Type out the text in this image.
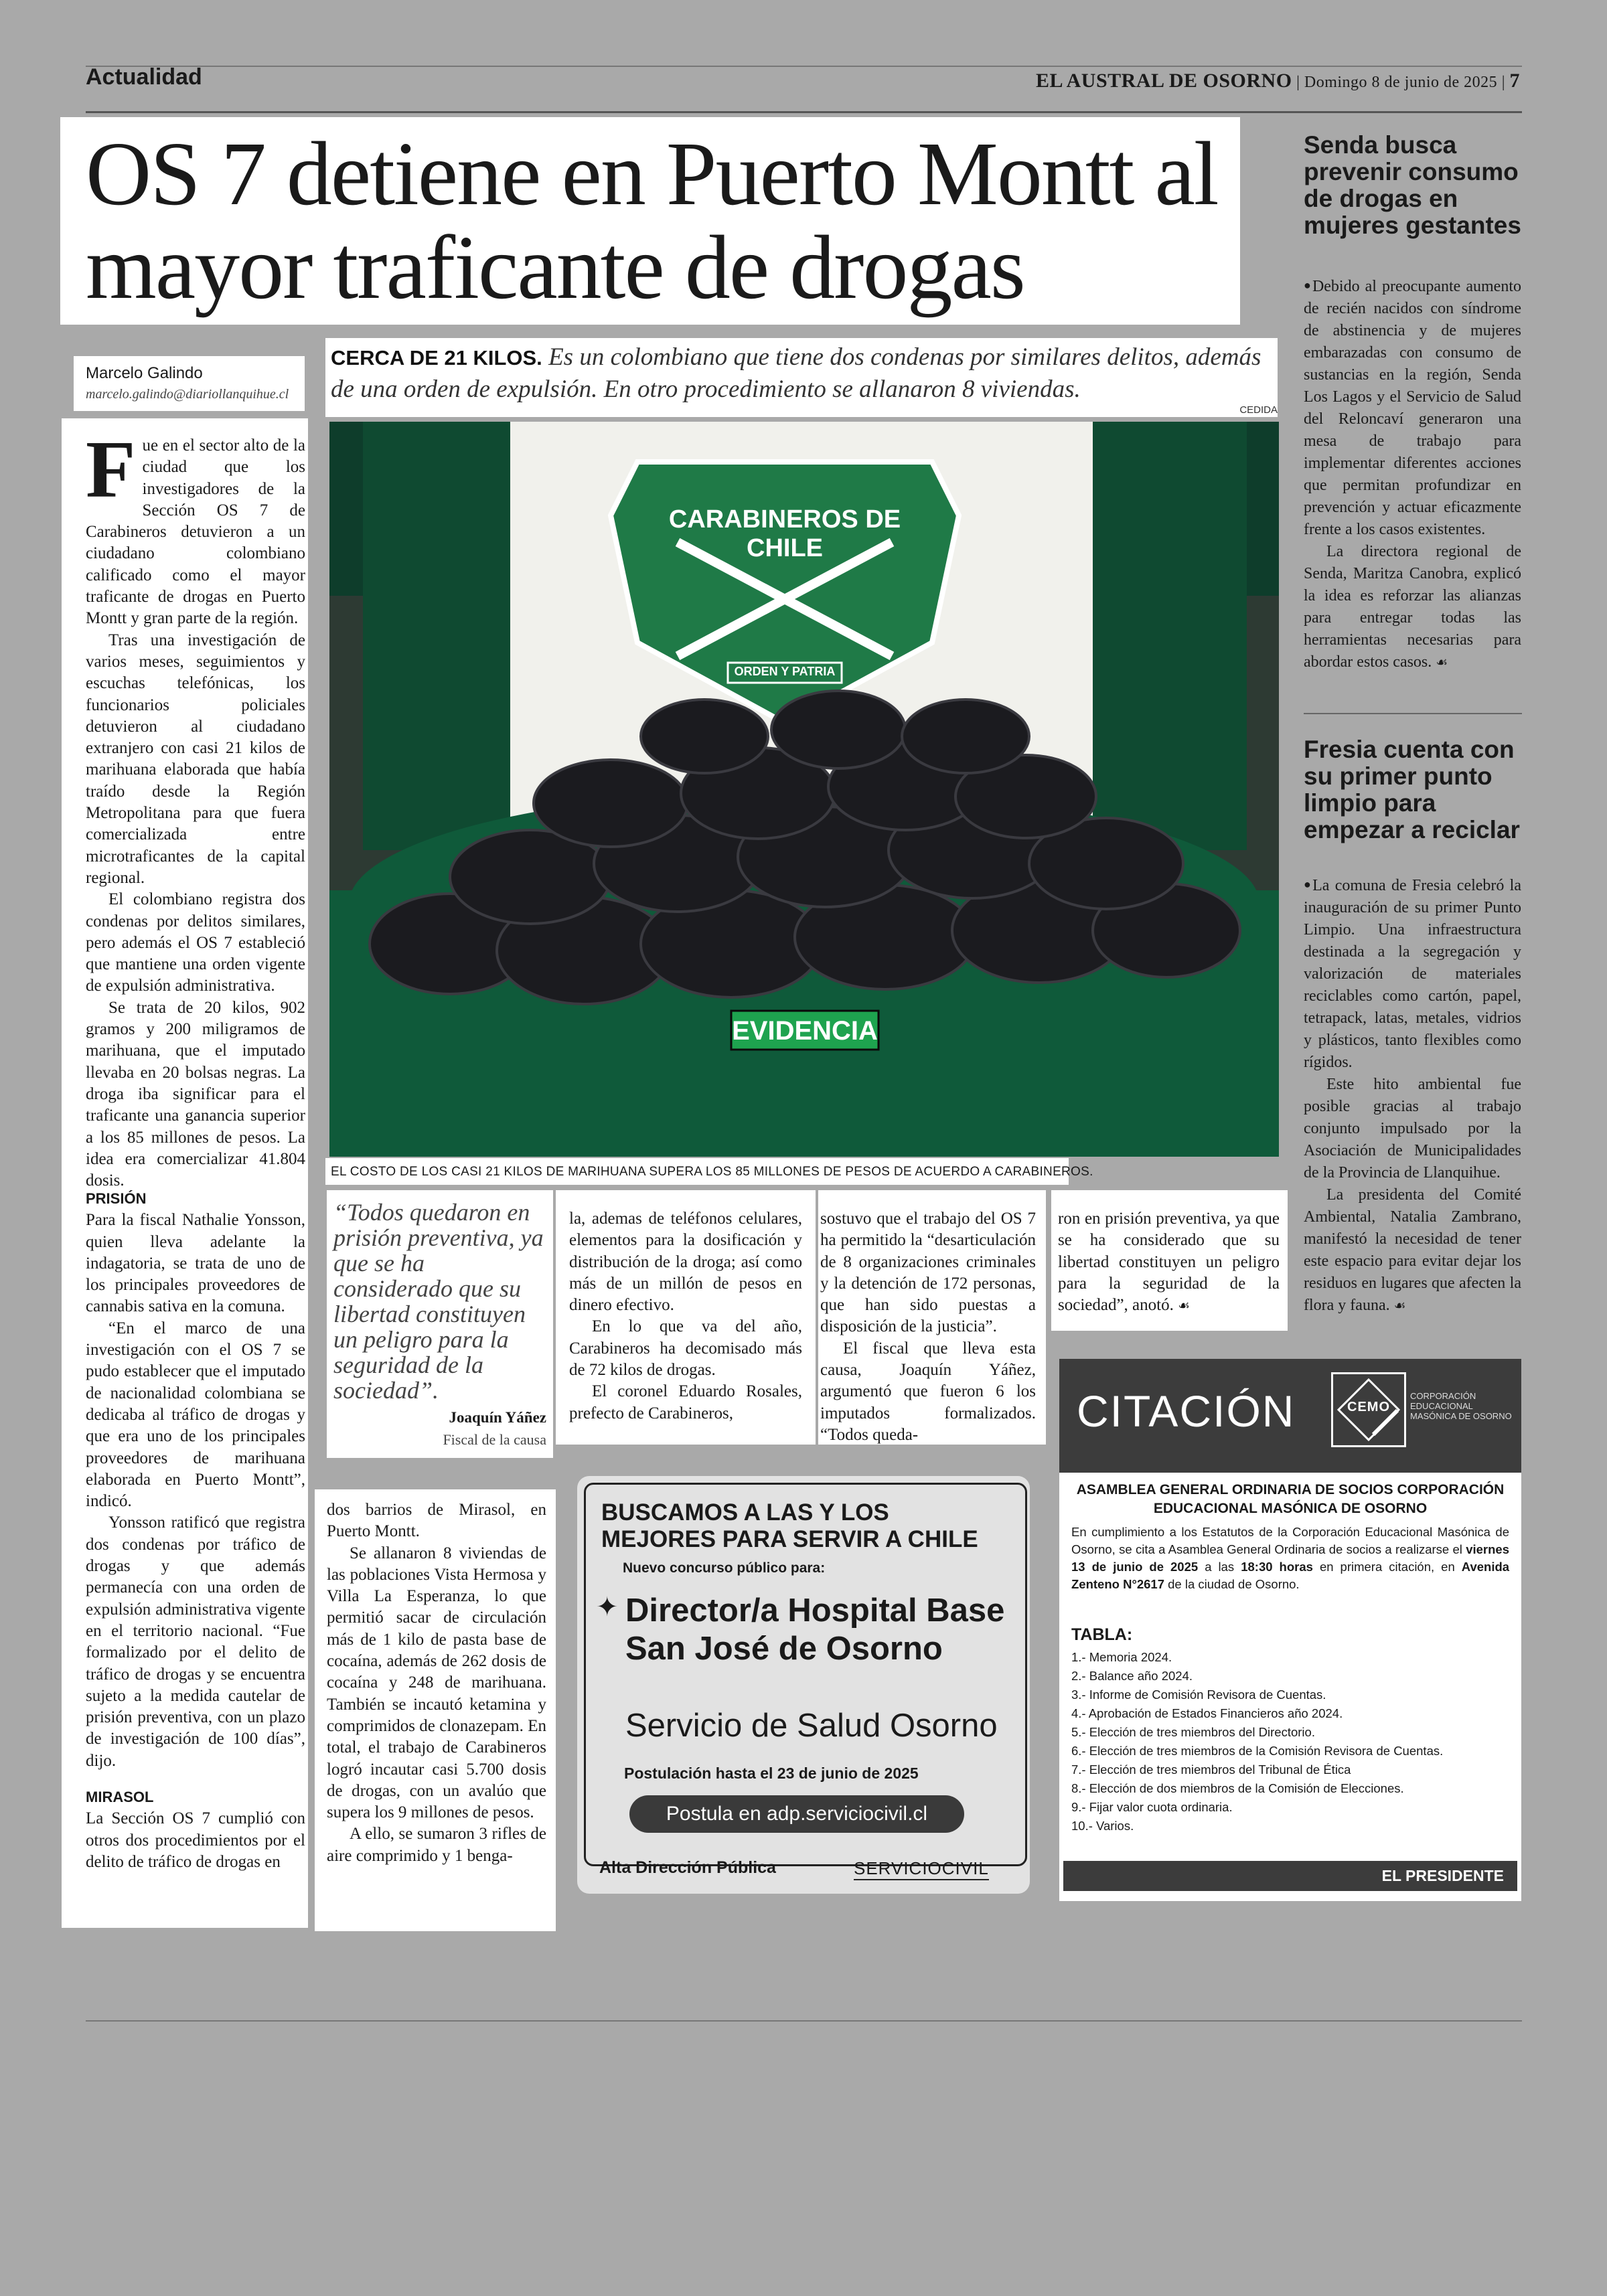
Actualidad	EL AUSTRAL DE OSORNO | Domingo 8 de junio de 2025 | 7
OS 7 detiene en Puerto Montt al mayor traficante de drogas
Marcelo Galindo
marcelo.galindo@diariollanquihue.cl
CERCA DE 21 KILOS. Es un colombiano que tiene dos condenas por similares delitos, además de una orden de expulsión. En otro procedimiento se allanaron 8 viviendas.
CEDIDA
CARABINEROS DE
CHILE
ORDEN Y PATRIA
EVIDENCIA
EL COSTO DE LOS CASI 21 KILOS DE MARIHUANA SUPERA LOS 85 MILLONES DE PESOS DE ACUERDO A CARABINEROS.

Fue en el sector alto de la ciudad que los investigadores de la Sección OS 7 de Carabineros detuvieron a un ciudadano colombiano calificado como el mayor traficante de drogas en Puerto Montt y gran parte de la región.

Tras una investigación de varios meses, seguimientos y escuchas telefónicas, los funcionarios policiales detuvieron al ciudadano extranjero con casi 21 kilos de marihuana elaborada que había traído desde la Región Metropolitana para que fuera comercializada entre microtraficantes de la capital regional.

El colombiano registra dos condenas por delitos similares, pero además el OS 7 estableció que mantiene una orden vigente de expulsión administrativa.

Se trata de 20 kilos, 902 gramos y 200 miligramos de marihuana, que el imputado llevaba en 20 bolsas negras. La droga iba significar para el traficante una ganancia superior a los 85 millones de pesos. La idea era comercializar 41.804 dosis.

PRISIÓN

Para la fiscal Nathalie Yonsson, quien lleva adelante la indagatoria, se trata de uno de los principales proveedores de cannabis sativa en la comuna.

“En el marco de una investigación con el OS 7 se pudo establecer que el imputado de nacionalidad colombiana se dedicaba al tráfico de drogas y que era uno de los principales proveedores de marihuana elaborada en Puerto Montt”, indicó.

Yonsson ratificó que registra dos condenas por tráfico de drogas y que además permanecía con una orden de expulsión administrativa vigente en el territorio nacional. “Fue formalizado por el delito de tráfico de drogas y se encuentra sujeto a la medida cautelar de prisión preventiva, con un plazo de investigación de 100 días”, dijo.

MIRASOL

La Sección OS 7 cumplió con otros dos procedimientos por el delito de tráfico de drogas en

“Todos quedaron en prisión preventiva, ya que se ha considerado que su libertad constituyen un peligro para la seguridad de la sociedad”.
Joaquín Yáñez
Fiscal de la causa

dos barrios de Mirasol, en Puerto Montt.

Se allanaron 8 viviendas de las poblaciones Vista Hermosa y Villa La Esperanza, lo que permitió sacar de circulación más de 1 kilo de pasta base de cocaína, además de 262 dosis de cocaína y 248 de marihuana. También se incautó ketamina y comprimidos de clonazepam. En total, el trabajo de Carabineros logró incautar casi 5.700 dosis de drogas, con un avalúo que supera los 9 millones de pesos.

A ello, se sumaron 3 rifles de aire comprimido y 1 benga-

la, ademas de teléfonos celulares, elementos para la dosificación y distribución de la droga; así como más de un millón de pesos en dinero efectivo.

En lo que va del año, Carabineros ha decomisado más de 72 kilos de drogas.

El coronel Eduardo Rosales, prefecto de Carabineros,

sostuvo que el trabajo del OS 7 ha permitido la “desarticulación de 8 organizaciones criminales y la detención de 172 personas, que han sido puestas a disposición de la justicia”.

El fiscal que lleva esta causa, Joaquín Yáñez, argumentó que fueron 6 los imputados formalizados. “Todos queda-

ron en prisión preventiva, ya que se ha considerado que su libertad constituyen un peligro para la seguridad de la sociedad”, anotó. ☙

Senda busca prevenir consumo de drogas en mujeres gestantes

●Debido al preocupante aumento de recién nacidos con síndrome de abstinencia y de mujeres embarazadas con consumo de sustancias en la región, Senda Los Lagos y el Servicio de Salud del Reloncaví generaron una mesa de trabajo para implementar diferentes acciones que permitan profundizar en prevención y actuar eficazmente frente a los casos existentes.

La directora regional de Senda, Maritza Canobra, explicó la idea es reforzar las alianzas para entregar todas las herramientas necesarias para abordar estos casos. ☙

Fresia cuenta con su primer punto limpio para empezar a reciclar

●La comuna de Fresia celebró la inauguración de su primer Punto Limpio. Una infraestructura destinada a la segregación y valorización de materiales reciclables como cartón, papel, tetrapack, latas, metales, vidrios y plásticos, tanto flexibles como rígidos.

Este hito ambiental fue posible gracias al trabajo conjunto impulsado por la Asociación de Municipalidades de la Provincia de Llanquihue.

La presidenta del Comité Ambiental, Natalia Zambrano, manifestó la necesidad de tener este espacio para evitar dejar los residuos en lugares que afecten la flora y fauna. ☙

BUSCAMOS A LAS Y LOS MEJORES PARA SERVIR A CHILE
Nuevo concurso público para:
✦ Director/a Hospital Base San José de Osorno
Servicio de Salud Osorno
Postulación hasta el 23 de junio de 2025
Postula en adp.serviciocivil.cl
Alta Dirección Pública	SERVICIOCIVIL
CITACIÓN	CEMO
CORPORACIÓN EDUCACIONAL MASÓNICA DE OSORNO
ASAMBLEA GENERAL ORDINARIA DE SOCIOS CORPORACIÓN EDUCACIONAL MASÓNICA DE OSORNO
En cumplimiento a los Estatutos de la Corporación Educacional Masónica de Osorno, se cita a Asamblea General Ordinaria de socios a realizarse el viernes 13 de junio de 2025 a las 18:30 horas en primera citación, en Avenida Zenteno N°2617 de la ciudad de Osorno.
TABLA:
1.- Memoria 2024.
2.- Balance año 2024.
3.- Informe de Comisión Revisora de Cuentas.
4.- Aprobación de Estados Financieros año 2024.
5.- Elección de tres miembros del Directorio.
6.- Elección de tres miembros de la Comisión Revisora de Cuentas.
7.- Elección de tres miembros del Tribunal de Ética
8.- Elección de dos miembros de la Comisión de Elecciones.
9.- Fijar valor cuota ordinaria.
10.- Varios.
EL PRESIDENTE
